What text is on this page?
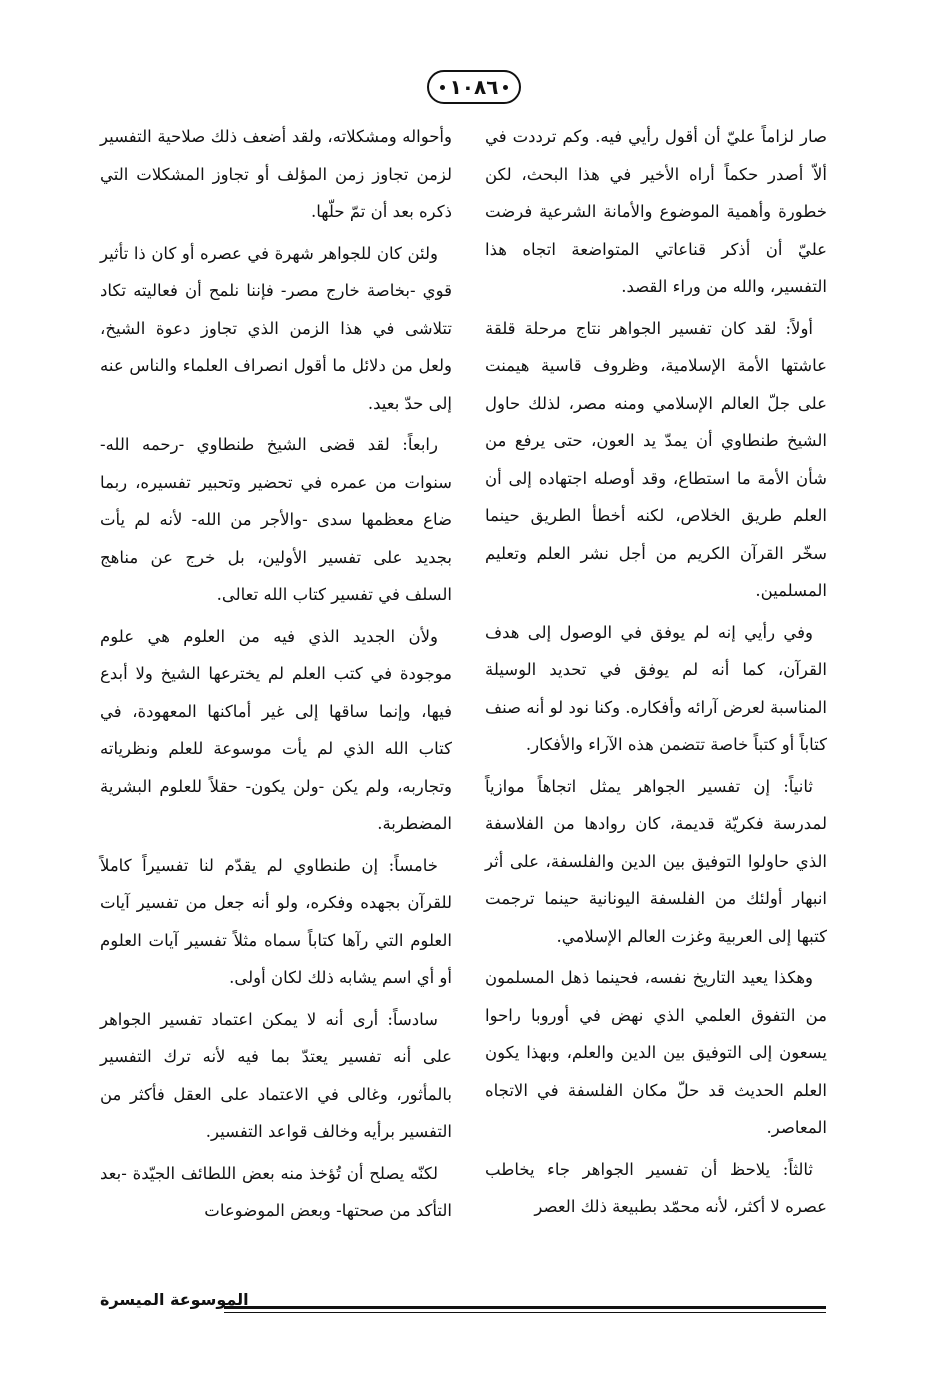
١٠٨٦

صار لزاماً عليّ أن أقول رأيي فيه. وكم ترددت في ألاّ أصدر حكماً أراه الأخير في هذا البحث، لكن خطورة وأهمية الموضوع والأمانة الشرعية فرضت عليّ أن أذكر قناعاتي المتواضعة اتجاه هذا التفسير، والله من وراء القصد.

أولاً: لقد كان تفسير الجواهر نتاج مرحلة قلقة عاشتها الأمة الإسلامية، وظروف قاسية هيمنت على جلّ العالم الإسلامي ومنه مصر، لذلك حاول الشيخ طنطاوي أن يمدّ يد العون، حتى يرفع من شأن الأمة ما استطاع، وقد أوصله اجتهاده إلى أن العلم طريق الخلاص، لكنه أخطأ الطريق حينما سخّر القرآن الكريم من أجل نشر العلم وتعليم المسلمين.

وفي رأيي إنه لم يوفق في الوصول إلى هدف القرآن، كما أنه لم يوفق في تحديد الوسيلة المناسبة لعرض آرائه وأفكاره. وكنا نود لو أنه صنف كتاباً أو كتباً خاصة تتضمن هذه الآراء والأفكار.

ثانياً: إن تفسير الجواهر يمثل اتجاهاً موازياً لمدرسة فكريّة قديمة، كان روادها من الفلاسفة الذي حاولوا التوفيق بين الدين والفلسفة، على أثر انبهار أولئك من الفلسفة اليونانية حينما ترجمت كتبها إلى العربية وغزت العالم الإسلامي.

وهكذا يعيد التاريخ نفسه، فحينما ذهل المسلمون من التفوق العلمي الذي نهض في أوروبا راحوا يسعون إلى التوفيق بين الدين والعلم، وبهذا يكون العلم الحديث قد حلّ مكان الفلسفة في الاتجاه المعاصر.

ثالثاً: يلاحظ أن تفسير الجواهر جاء يخاطب عصره لا أكثر، لأنه محمّد بطبيعة ذلك العصر

وأحواله ومشكلاته، ولقد أضعف ذلك صلاحية التفسير لزمن تجاوز زمن المؤلف أو تجاوز المشكلات التي ذكره بعد أن تمّ حلّها.

ولئن كان للجواهر شهرة في عصره أو كان ذا تأثير قوي -بخاصة خارج مصر- فإننا نلمح أن فعاليته تكاد تتلاشى في هذا الزمن الذي تجاوز دعوة الشيخ، ولعل من دلائل ما أقول انصراف العلماء والناس عنه إلى حدّ بعيد.

رابعاً: لقد قضى الشيخ طنطاوي -رحمه الله- سنوات من عمره في تحضير وتحبير تفسيره، ربما ضاع معظمها سدى -والأجر من الله- لأنه لم يأت بجديد على تفسير الأولين، بل خرج عن مناهج السلف في تفسير كتاب الله تعالى.

ولأن الجديد الذي فيه من العلوم هي علوم موجودة في كتب العلم لم يخترعها الشيخ ولا أبدع فيها، وإنما ساقها إلى غير أماكنها المعهودة، في كتاب الله الذي لم يأت موسوعة للعلم ونظرياته وتجاربه، ولم يكن -ولن يكون- حقلاً للعلوم البشرية المضطربة.

خامساً: إن طنطاوي لم يقدّم لنا تفسيراً كاملاً للقرآن بجهده وفكره، ولو أنه جعل من تفسير آيات العلوم التي رآها كتاباً سماه مثلاً تفسير آيات العلوم أو أي اسم يشابه ذلك لكان أولى.

سادساً: أرى أنه لا يمكن اعتماد تفسير الجواهر على أنه تفسير يعتدّ بما فيه لأنه ترك التفسير بالمأثور، وغالى في الاعتماد على العقل فأكثر من التفسير برأيه وخالف قواعد التفسير.

لكنّه يصلح أن تُؤخذ منه بعض اللطائف الجيّدة -بعد التأكد من صحتها- وبعض الموضوعات

الموسوعة الميسرة
